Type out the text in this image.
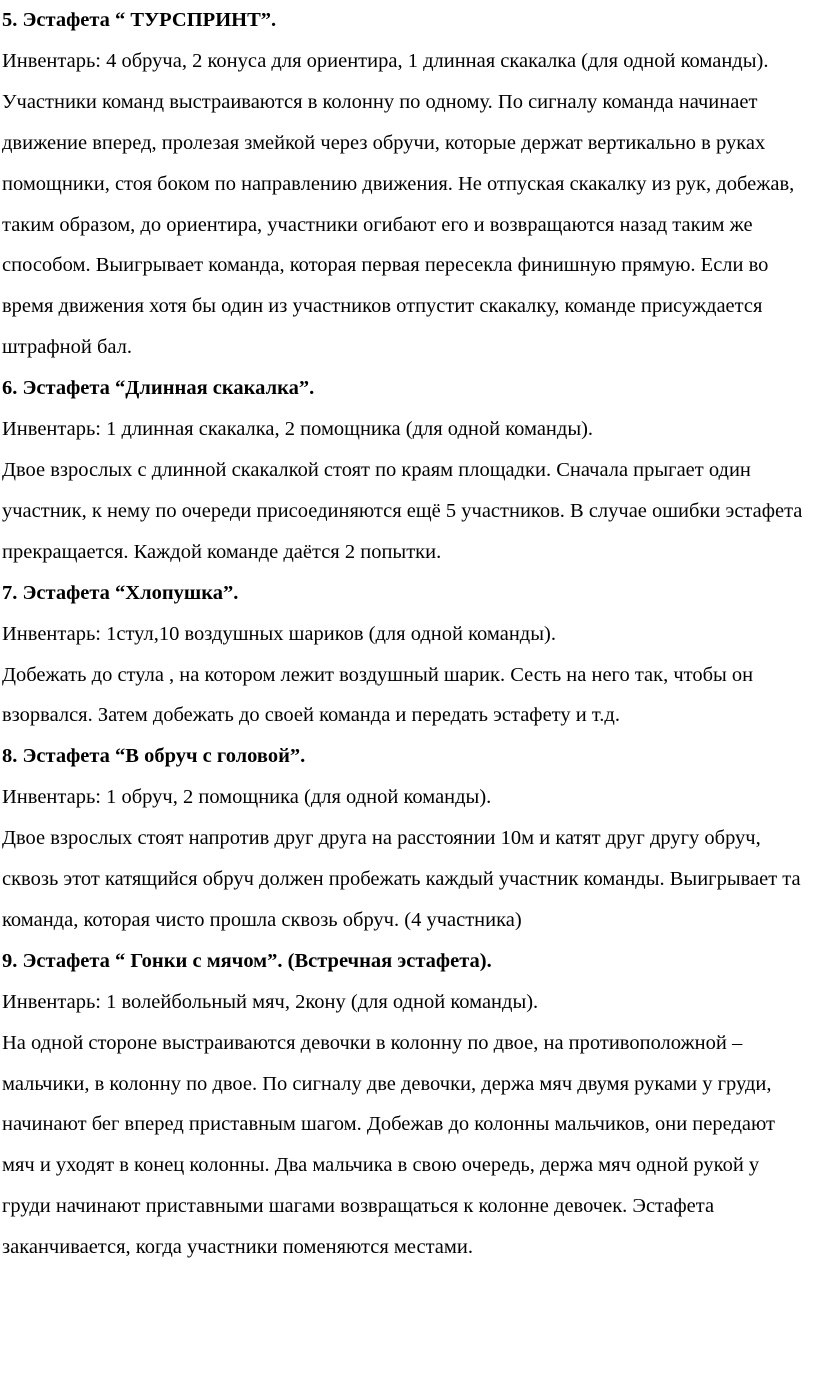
5. Эстафета “ ТУРСПРИНТ”.

Инвентарь: 4 обруча, 2 конуса для ориентира, 1 длинная скакалка (для одной команды).

Участники команд выстраиваются в колонну по одному. По сигналу команда начинает движение вперед, пролезая змейкой через обручи, которые держат вертикально в руках помощники, стоя боком по направлению движения. Не отпуская скакалку из рук, добежав, таким образом, до ориентира, участники огибают его и возвращаются назад таким же способом. Выигрывает команда, которая первая пересекла финишную прямую. Если во время движения хотя бы один из участников отпустит скакалку, команде присуждается штрафной бал.

6. Эстафета “Длинная скакалка”.

Инвентарь: 1 длинная скакалка, 2 помощника (для одной команды).

Двое взрослых с длинной скакалкой стоят по краям площадки. Сначала прыгает один участник, к нему по очереди присоединяются ещё 5 участников. В случае ошибки эстафета прекращается. Каждой команде даётся 2 попытки.

7. Эстафета “Хлопушка”.

Инвентарь: 1стул,10 воздушных шариков (для одной команды).

Добежать до стула , на котором лежит воздушный шарик. Сесть на него так, чтобы он взорвался. Затем добежать до своей команда и передать эстафету и т.д.

8. Эстафета “В обруч с головой”.

Инвентарь: 1 обруч, 2 помощника (для одной команды).

Двое взрослых стоят напротив друг друга на расстоянии 10м и катят друг другу обруч, сквозь этот катящийся обруч должен пробежать каждый участник команды. Выигрывает та команда, которая чисто прошла сквозь обруч. (4 участника)

9. Эстафета “ Гонки с мячом”. (Встречная эстафета).

Инвентарь: 1 волейбольный мяч, 2кону (для одной команды).

На одной стороне выстраиваются девочки в колонну по двое, на противоположной – мальчики, в колонну по двое. По сигналу две девочки, держа мяч двумя руками у груди, начинают бег вперед приставным шагом. Добежав до колонны мальчиков, они передают мяч и уходят в конец колонны. Два мальчика в свою очередь, держа мяч одной рукой у груди начинают приставными шагами возвращаться к колонне девочек. Эстафета заканчивается, когда участники поменяются местами.
